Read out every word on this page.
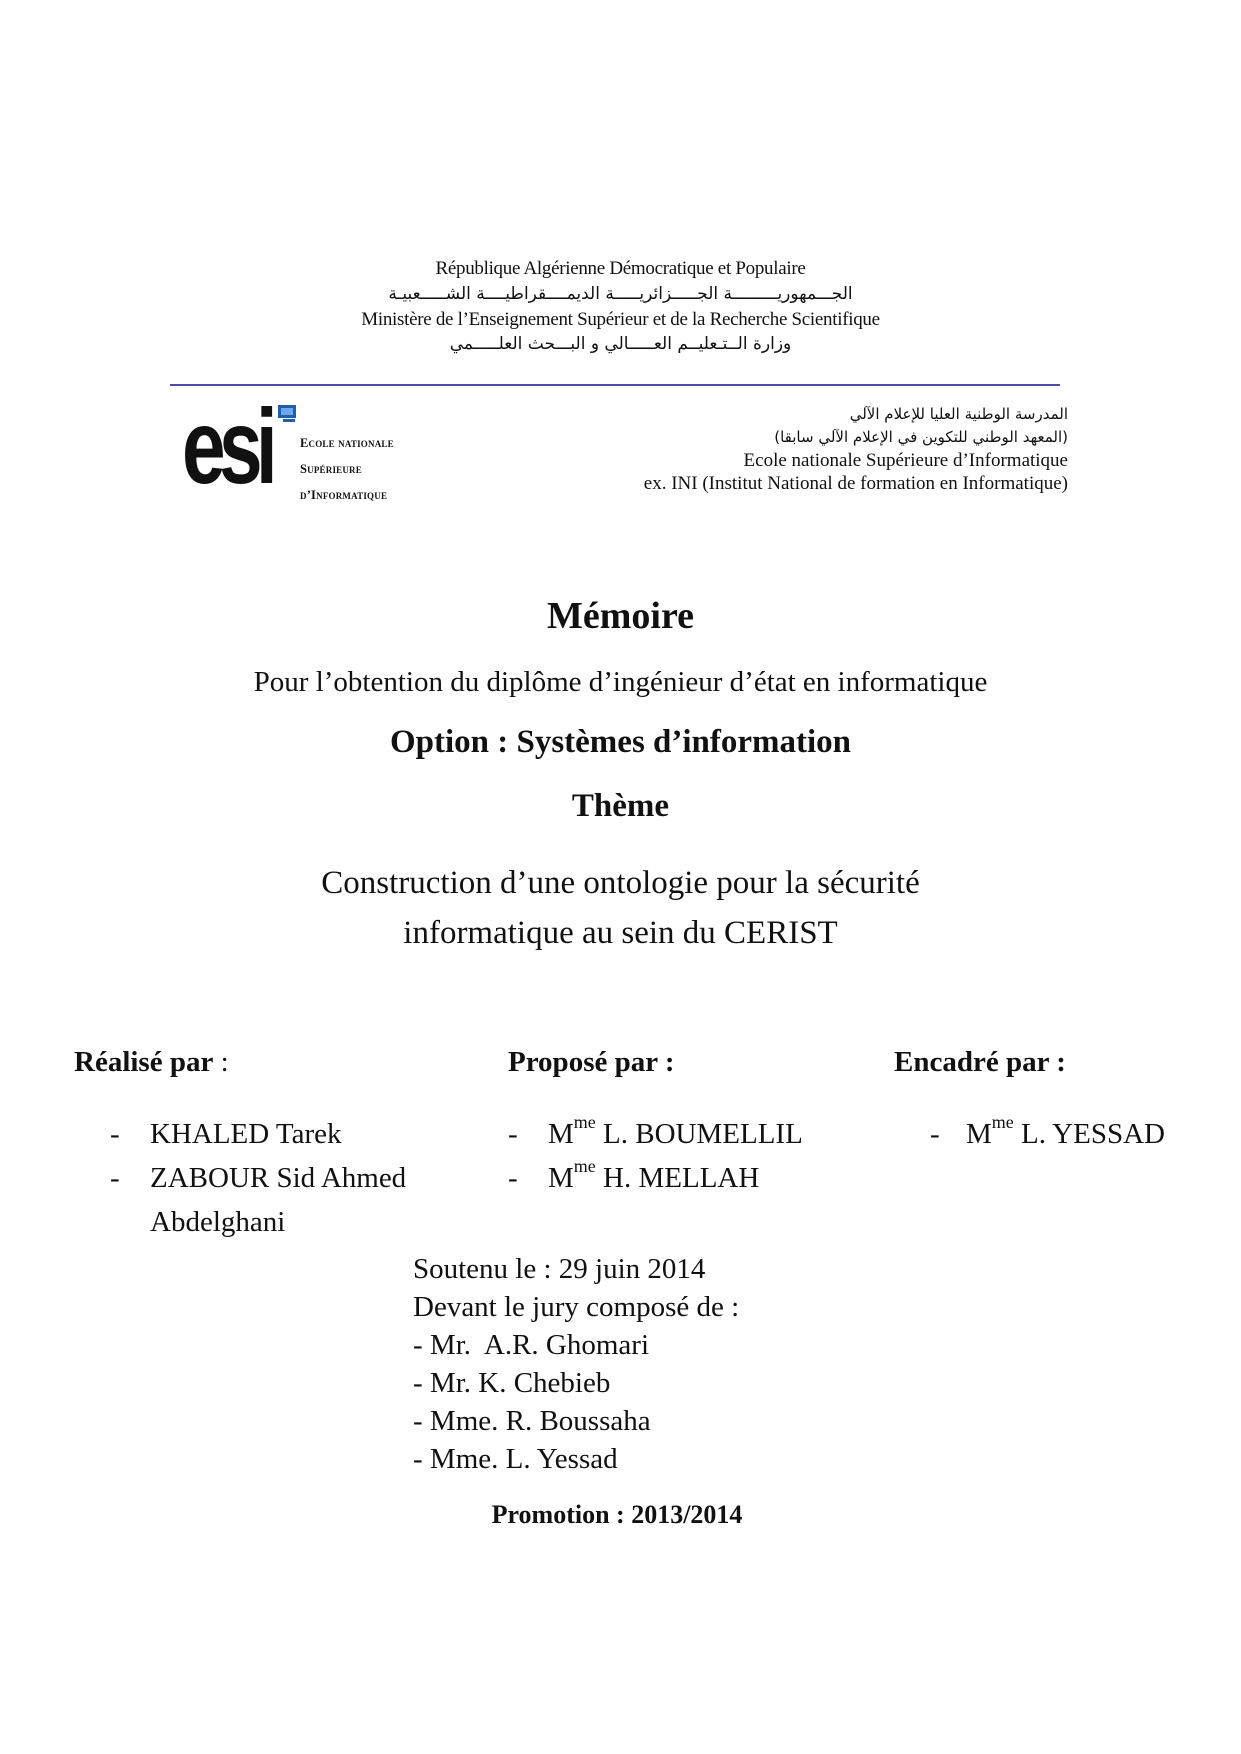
République Algérienne Démocratique et Populaire
الجـــمهوريـــــــــة الجـــــزائريـــــة الديمــــقراطيــــة الشـــــعبيـة
Ministère de l’Enseignement Supérieur et de la Recherche Scientifique
وزارة الــتـعليــم العـــــالي و البـــحث العلـــــمي
esi Ecole nationale
Supérieure
d’Informatique
المدرسة الوطنية العليا للإعلام الآلي
(المعهد الوطني للتكوين في الإعلام الآلي سابقا)
Ecole nationale Supérieure d’Informatique
ex. INI (Institut National de formation en Informatique)
Mémoire
Pour l’obtention du diplôme d’ingénieur d’état en informatique
Option : Systèmes d’information
Thème
Construction d’une ontologie pour la sécurité
informatique au sein du CERIST
Réalisé par :	Proposé par :	Encadré par :
- KHALED Tarek
- ZABOUR Sid Ahmed
Abdelghani
- $M^{me}$ L. BOUMELLIL
- $M^{me}$ H. MELLAH
- $M^{me}$ L. YESSAD
Soutenu le : 29 juin 2014
Devant le jury composé de :
- Mr.  A.R. Ghomari
- Mr. K. Chebieb
- Mme. R. Boussaha
- Mme. L. Yessad
Promotion : 2013/2014
